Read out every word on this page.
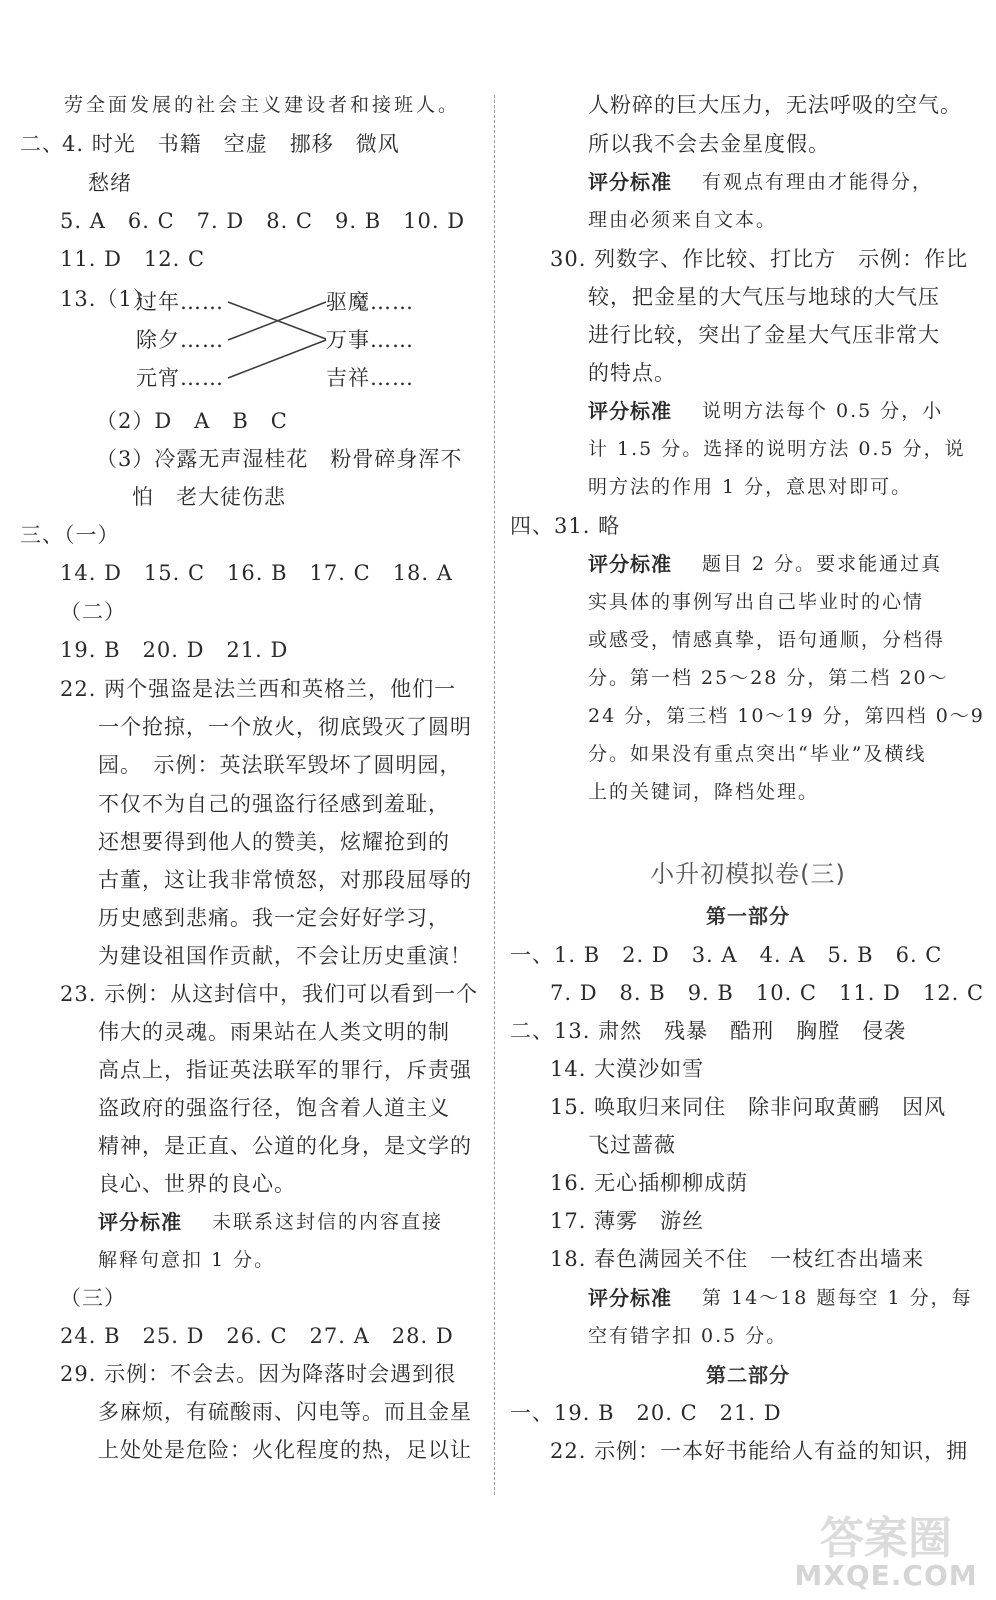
劳全面发展的社会主义建设者和接班人。
二、
4. 时光　书籍　空虚　挪移　微风
愁绪
5. A　6. C　7. D　8. C　9. B　10. D
11. D　12. C
13.（1）
过年……
除夕……
元宵……
驱魔……
万事……
吉祥……
（2）D　A　B　C
（3）冷露无声湿桂花　粉骨碎身浑不
怕　老大徒伤悲
三、（一）
14. D　15. C　16. B　17. C　18. A
（二）
19. B　20. D　21. D
22. 两个强盗是法兰西和英格兰，他们一
一个抢掠，一个放火，彻底毁灭了圆明
园。　示例：英法联军毁坏了圆明园，
不仅不为自己的强盗行径感到羞耻，
还想要得到他人的赞美，炫耀抢到的
古董，这让我非常愤怒，对那段屈辱的
历史感到悲痛。我一定会好好学习，
为建设祖国作贡献，不会让历史重演！
23. 示例：从这封信中，我们可以看到一个
伟大的灵魂。雨果站在人类文明的制
高点上，指证英法联军的罪行，斥责强
盗政府的强盗行径，饱含着人道主义
精神，是正直、公道的化身，是文学的
良心、世界的良心。
评分标准 未联系这封信的内容直接
解释句意扣 1 分。
（三）
24. B　25. D　26. C　27. A　28. D
29. 示例：不会去。因为降落时会遇到很
多麻烦，有硫酸雨、闪电等。而且金星
上处处是危险：火化程度的热，足以让
人粉碎的巨大压力，无法呼吸的空气。
所以我不会去金星度假。
评分标准 有观点有理由才能得分，
理由必须来自文本。
30. 列数字、作比较、打比方　示例：作比
较，把金星的大气压与地球的大气压
进行比较，突出了金星大气压非常大
的特点。
评分标准 说明方法每个 0.5 分，小
计 1.5 分。选择的说明方法 0.5 分，说
明方法的作用 1 分，意思对即可。
四、31. 略
评分标准 题目 2 分。要求能通过真
实具体的事例写出自己毕业时的心情
或感受，情感真挚，语句通顺，分档得
分。第一档 25～28 分，第二档 20～
24 分，第三档 10～19 分，第四档 0～9
分。如果没有重点突出“毕业”及横线
上的关键词，降档处理。
小升初模拟卷(三)
第一部分
一、1. B　2. D　3. A　4. A　5. B　6. C
7. D　8. B　9. B　10. C　11. D　12. C
二、13. 肃然　残暴　酷刑　胸膛　侵袭
14. 大漠沙如雪
15. 唤取归来同住　除非问取黄鹂　因风
飞过蔷薇
16. 无心插柳柳成荫
17. 薄雾　游丝
18. 春色满园关不住　一枝红杏出墙来
评分标准 第 14～18 题每空 1 分，每
空有错字扣 0.5 分。
第二部分
一、19. B　20. C　21. D
22. 示例：一本好书能给人有益的知识，拥
答案圈
MXQE.COM
